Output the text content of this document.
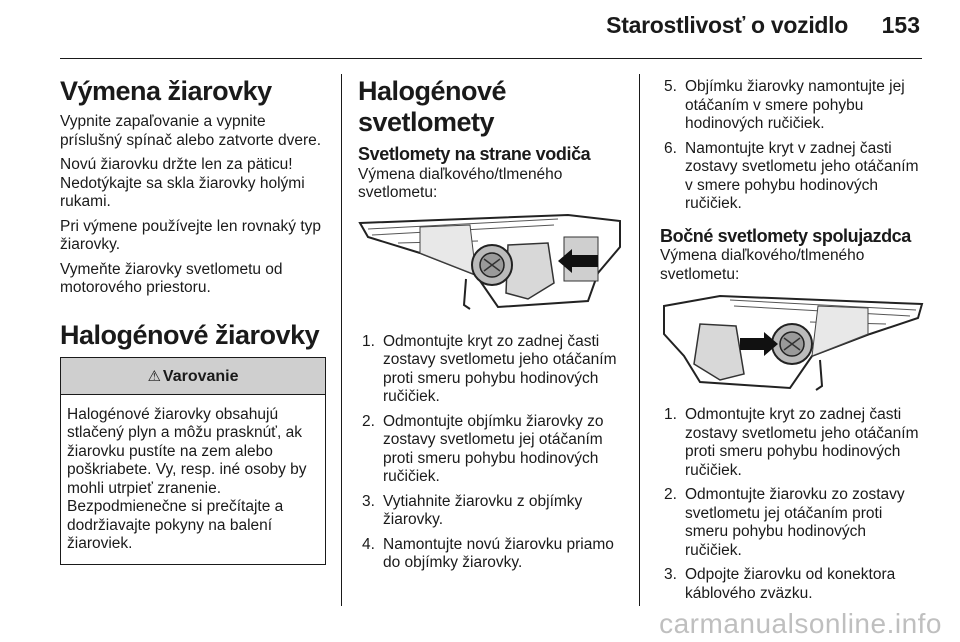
Starostlivosť o vozidlo 153
Výmena žiarovky

Vypnite zapaľovanie a vypnite príslušný spínač alebo zatvorte dvere.

Novú žiarovku držte len za päticu! Nedotýkajte sa skla žiarovky holými rukami.

Pri výmene používejte len rovnaký typ žiarovky.

Vymeňte žiarovky svetlometu od motorového priestoru.

Halogénové žiarovky
⚠ Varovanie
Halogénové žiarovky obsahujú stlačený plyn a môžu prasknúť, ak žiarovku pustíte na zem alebo poškriabete. Vy, resp. iné osoby by mohli utrpieť zranenie. Bezpodmienečne si prečítajte a dodržiavajte pokyny na balení žiaroviek.
Halogénové svetlomety
Svetlomety na strane vodiča

Výmena diaľkového/tlmeného svetlometu:

1. Odmontujte kryt zo zadnej časti zostavy svetlometu jeho otáčaním proti smeru pohybu hodinových ručičiek.
2. Odmontujte objímku žiarovky zo zostavy svetlometu jej otáčaním proti smeru pohybu hodinových ručičiek.
3. Vytiahnite žiarovku z objímky žiarovky.
4. Namontujte novú žiarovku priamo do objímky žiarovky.
5. Objímku žiarovky namontujte jej otáčaním v smere pohybu hodinových ručičiek.
6. Namontujte kryt v zadnej časti zostavy svetlometu jeho otáčaním v smere pohybu hodinových ručičiek.
Bočné svetlomety spolujazdca

Výmena diaľkového/tlmeného svetlometu:

1. Odmontujte kryt zo zadnej časti zostavy svetlometu jeho otáčaním proti smeru pohybu hodinových ručičiek.
2. Odmontujte žiarovku zo zostavy svetlometu jej otáčaním proti smeru pohybu hodinových ručičiek.
3. Odpojte žiarovku od konektora káblového zväzku.
carmanualsonline.info
